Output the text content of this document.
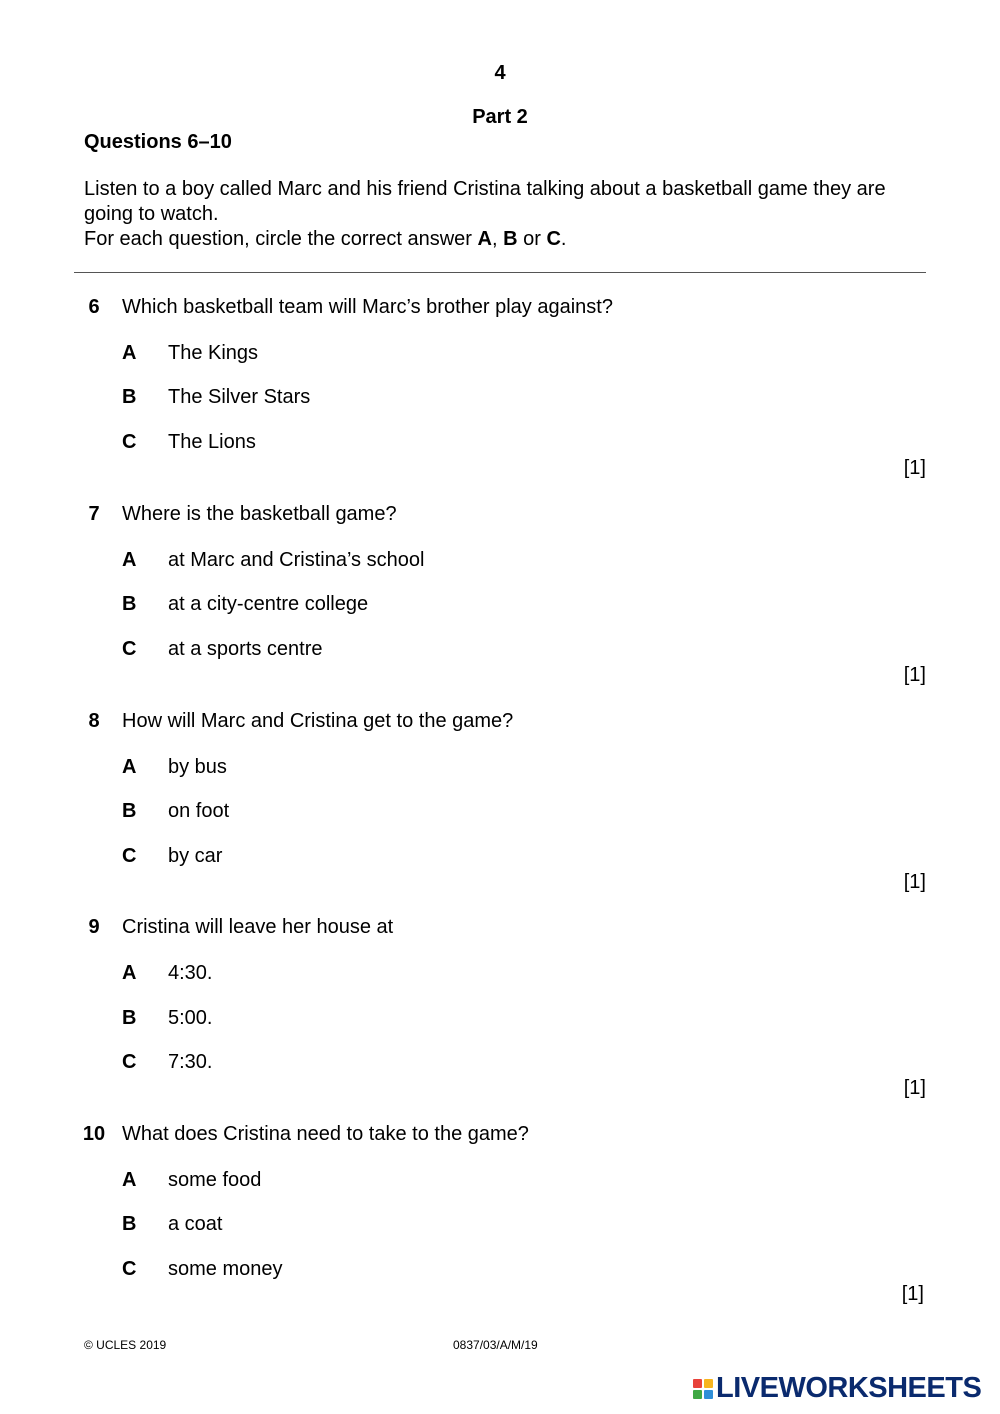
4
Part 2
Questions 6–10

Listen to a boy called Marc and his friend Cristina talking about a basketball game they are going to watch.

For each question, circle the correct answer A, B or C.

6	Which basketball team will Marc’s brother play against?
A The Kings
B The Silver Stars
C The Lions
[1]
7	Where is the basketball game?
A at Marc and Cristina’s school
B at a city-centre college
C at a sports centre
[1]
8	How will Marc and Cristina get to the game?
A by bus
B on foot
C by car
[1]
9	Cristina will leave her house at
A 4:30.
B 5:00.
C 7:30.
[1]
10 What does Cristina need to take to the game?
A some food
B a coat
C some money
[1]
© UCLES 2019	0837/03/A/M/19
LIVEWORKSHEETS
